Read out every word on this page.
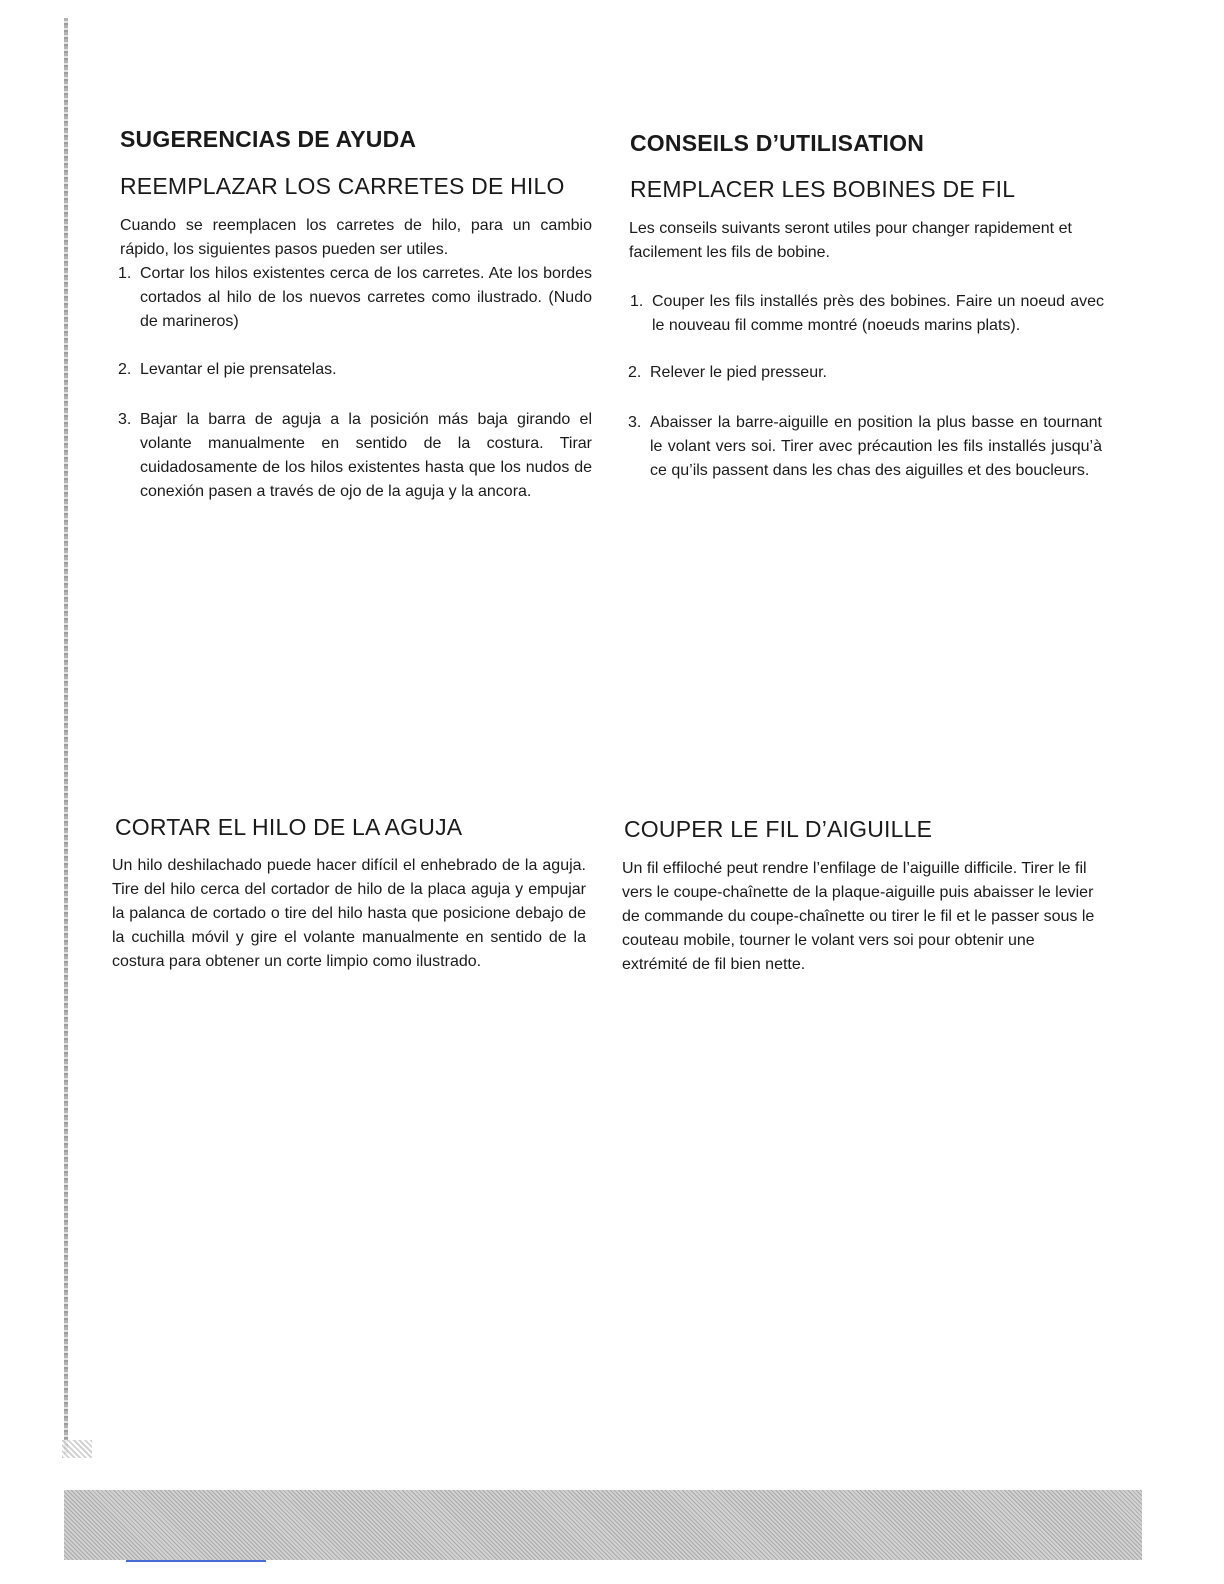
SUGERENCIAS DE AYUDA
REEMPLAZAR LOS CARRETES DE HILO

Cuando se reemplacen los carretes de hilo, para un cambio rápido, los siguientes pasos pueden ser utiles.

1. Cortar los hilos existentes cerca de los carretes. Ate los bordes cortados al hilo de los nuevos carretes como ilustrado. (Nudo de marineros)
2. Levantar el pie prensatelas.
3. Bajar la barra de aguja a la posición más baja girando el volante manualmente en sentido de la costura. Tirar cuidadosamente de los hilos existentes hasta que los nudos de conexión pasen a través de ojo de la aguja y la ancora.
CORTAR EL HILO DE LA AGUJA

Un hilo deshilachado puede hacer difícil el enhebrado de la aguja. Tire del hilo cerca del cortador de hilo de la placa aguja y empujar la palanca de cortado o tire del hilo hasta que posicione debajo de la cuchilla móvil y gire el volante manualmente en sentido de la costura para obtener un corte limpio como ilustrado.

CONSEILS D’UTILISATION
REMPLACER LES BOBINES DE FIL

Les conseils suivants seront utiles pour changer rapidement et facilement les fils de bobine.

1. Couper les fils installés près des bobines. Faire un noeud avec le nouveau fil comme montré (noeuds marins plats).
2. Relever le pied presseur.
3. Abaisser la barre-aiguille en position la plus basse en tournant le volant vers soi. Tirer avec précaution les fils installés jusqu’à ce qu’ils passent dans les chas des aiguilles et des boucleurs.
COUPER LE FIL D’AIGUILLE

Un fil effiloché peut rendre l’enfilage de l’aiguille difficile. Tirer le fil vers le coupe-chaînette de la plaque-aiguille puis abaisser le levier de commande du coupe-chaînette ou tirer le fil et le passer sous le couteau mobile, tourner le volant vers soi pour obtenir une extrémité de fil bien nette.
